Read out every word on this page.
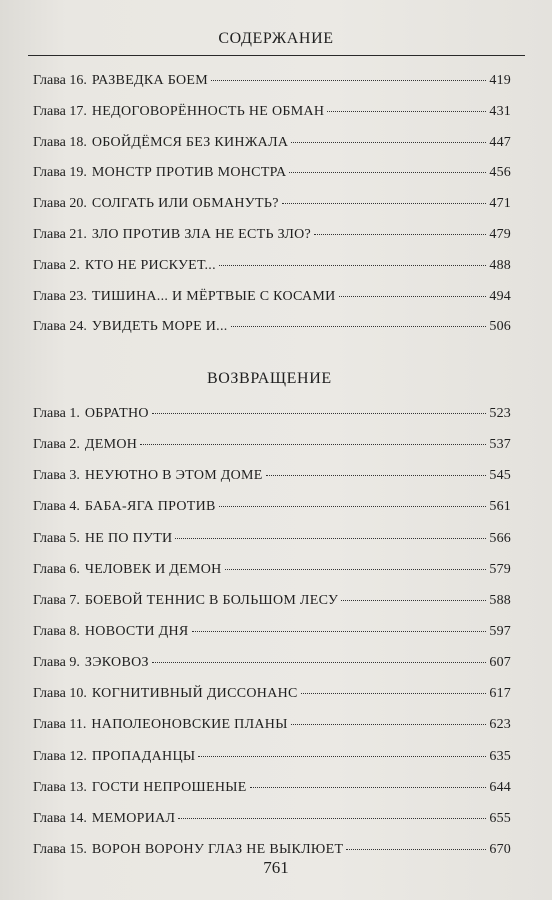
СОДЕРЖАНИЕ
Глава 16. РАЗВЕДКА БОЕМ	419
Глава 17. НЕДОГОВОРЁННОСТЬ НЕ ОБМАН	431
Глава 18. ОБОЙДЁМСЯ БЕЗ КИНЖАЛА	447
Глава 19. МОНСТР ПРОТИВ МОНСТРА	456
Глава 20. СОЛГАТЬ ИЛИ ОБМАНУТЬ?	471
Глава 21. ЗЛО ПРОТИВ ЗЛА НЕ ЕСТЬ ЗЛО?	479
Глава 2. КТО НЕ РИСКУЕТ...	488
Глава 23. ТИШИНА... И МЁРТВЫЕ С КОСАМИ	494
Глава 24. УВИДЕТЬ МОРЕ И...	506
ВОЗВРАЩЕНИЕ
Глава 1. ОБРАТНО	523
Глава 2. ДЕМОН	537
Глава 3. НЕУЮТНО В ЭТОМ ДОМЕ	545
Глава 4. БАБА-ЯГА ПРОТИВ	561
Глава 5. НЕ ПО ПУТИ	566
Глава 6. ЧЕЛОВЕК И ДЕМОН	579
Глава 7. БОЕВОЙ ТЕННИС В БОЛЬШОМ ЛЕСУ	588
Глава 8. НОВОСТИ ДНЯ	597
Глава 9. ЗЭКОВОЗ	607
Глава 10. КОГНИТИВНЫЙ ДИССОНАНС	617
Глава 11. НАПОЛЕОНОВСКИЕ ПЛАНЫ	623
Глава 12. ПРОПАДАНЦЫ	635
Глава 13. ГОСТИ НЕПРОШЕНЫЕ	644
Глава 14. МЕМОРИАЛ	655
Глава 15. ВОРОН ВОРОНУ ГЛАЗ НЕ ВЫКЛЮЕТ	670
761
